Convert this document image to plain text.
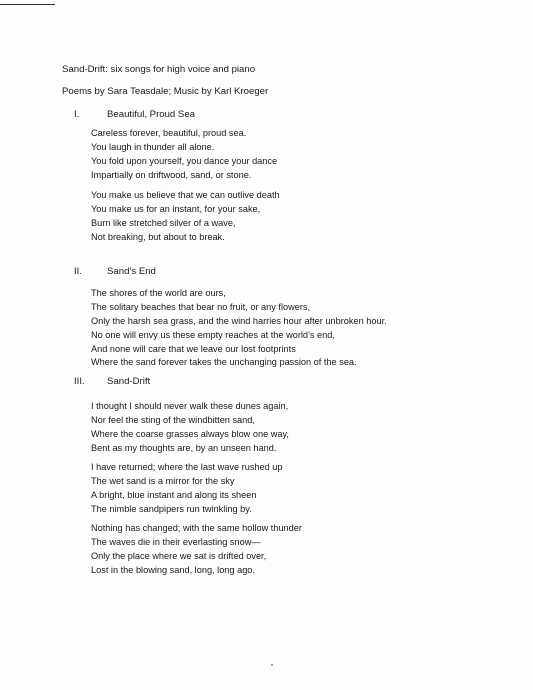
Sand-Drift: six songs for high voice and piano
Poems by Sara Teasdale; Music by Karl Kroeger
I.	Beautiful, Proud Sea
Careless forever, beautiful, proud sea.
You laugh in thunder all alone.
You fold upon yourself, you dance your dance
Impartially on driftwood, sand, or stone.
You make us believe that we can outlive death
You make us for an instant, for your sake,
Burn like stretched silver of a wave,
Not breaking, but about to break.
II.	Sand’s End
The shores of the world are ours,
The solitary beaches that bear no fruit, or any flowers,
Only the harsh sea grass, and the wind harries hour after unbroken hour.
No one will envy us these empty reaches at the world’s end,
And none will care that we leave our lost footprints
Where the sand forever takes the unchanging passion of the sea.
III. Sand-Drift
I thought I should never walk these dunes again,
Nor feel the sting of the windbitten sand,
Where the coarse grasses always blow one way,
Bent as my thoughts are, by an unseen hand.
I have returned; where the last wave rushed up
The wet sand is a mirror for the sky
A bright, blue instant and along its sheen
The nimble sandpipers run twinkling by.
Nothing has changed; with the same hollow thunder
The waves die in their everlasting snow—
Only the place where we sat is drifted over,
Lost in the blowing sand, long, long ago.
